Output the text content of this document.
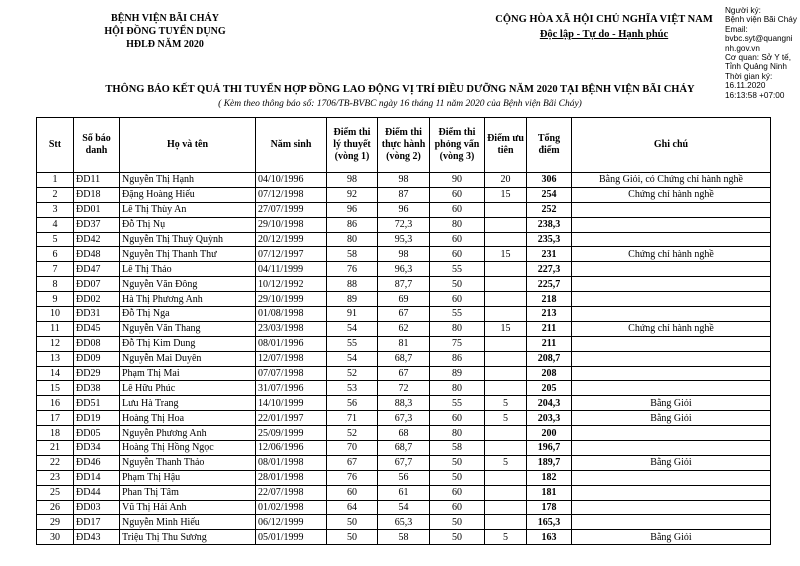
BỆNH VIỆN BÃI CHÁY
HỘI ĐỒNG TUYỂN DỤNG
HĐLĐ NĂM 2020
CỘNG HÒA XÃ HỘI CHỦ NGHĨA VIỆT NAM
Độc lập - Tự do - Hạnh phúc
Người ký:
Bệnh viện Bãi Cháy
Email:
bvbc.syt@quangninh.gov.vn
Cơ quan: Sở Y tế, Tỉnh Quảng Ninh
Thời gian ký:
16.11.2020 16:13:58 +07:00
THÔNG BÁO KẾT QUẢ THI TUYỂN HỢP ĐỒNG LAO ĐỘNG VỊ TRÍ ĐIỀU DƯỠNG NĂM 2020 TẠI BỆNH VIỆN BÃI CHÁY
( Kèm theo thông báo số: 1706/TB-BVBC ngày 16 tháng 11 năm 2020 của Bệnh viện Bãi Cháy)
Stt	Số báo danh	Họ và tên	Năm sinh	Điểm thi lý thuyết (vòng 1)	Điểm thi thực hành (vòng 2)	Điểm thi phỏng vấn (vòng 3)	Điểm ưu tiên	Tổng điểm	Ghi chú
1	ĐD11	Nguyễn Thị Hạnh	04/10/1996	98	98	90	20	306	Bằng Giỏi, có Chứng chỉ hành nghề
2	ĐD18	Đặng Hoàng Hiếu	07/12/1998	92	87	60	15	254	Chứng chỉ hành nghề
3	ĐD01	Lê Thị Thùy An	27/07/1999	96	96	60		252	
4	ĐD37	Đỗ Thị Nụ	29/10/1998	86	72,3	80		238,3	
5	ĐD42	Nguyễn Thị Thuỳ Quỳnh	20/12/1999	80	95,3	60		235,3	
6	ĐD48	Nguyễn Thị Thanh Thư	07/12/1997	58	98	60	15	231	Chứng chỉ hành nghề
7	ĐD47	Lê Thị Thảo	04/11/1999	76	96,3	55		227,3	
8	ĐD07	Nguyễn Văn Đông	10/12/1992	88	87,7	50		225,7	
9	ĐD02	Hà Thị Phương Anh	29/10/1999	89	69	60		218	
10	ĐD31	Đỗ Thị Nga	01/08/1998	91	67	55		213	
11	ĐD45	Nguyễn Văn Thang	23/03/1998	54	62	80	15	211	Chứng chỉ hành nghề
12	ĐD08	Đỗ Thị Kim Dung	08/01/1996	55	81	75		211	
13	ĐD09	Nguyễn Mai Duyên	12/07/1998	54	68,7	86		208,7	
14	ĐD29	Phạm Thị Mai	07/07/1998	52	67	89		208	
15	ĐD38	Lê Hữu Phúc	31/07/1996	53	72	80		205	
16	ĐD51	Lưu Hà Trang	14/10/1999	56	88,3	55	5	204,3	Bằng Giỏi
17	ĐD19	Hoàng Thị Hoa	22/01/1997	71	67,3	60	5	203,3	Bằng Giỏi
18	ĐD05	Nguyễn Phương Anh	25/09/1999	52	68	80		200	
21	ĐD34	Hoàng Thị Hồng Ngọc	12/06/1996	70	68,7	58		196,7	
22	ĐD46	Nguyễn Thanh Thảo	08/01/1998	67	67,7	50	5	189,7	Bằng Giỏi
23	ĐD14	Phạm Thị Hậu	28/01/1998	76	56	50		182	
25	ĐD44	Phan Thị Tâm	22/07/1998	60	61	60		181	
26	ĐD03	Vũ Thị Hải Anh	01/02/1998	64	54	60		178	
29	ĐD17	Nguyễn Minh Hiếu	06/12/1999	50	65,3	50		165,3	
30	ĐD43	Triệu Thị Thu Sương	05/01/1999	50	58	50	5	163	Bằng Giỏi
